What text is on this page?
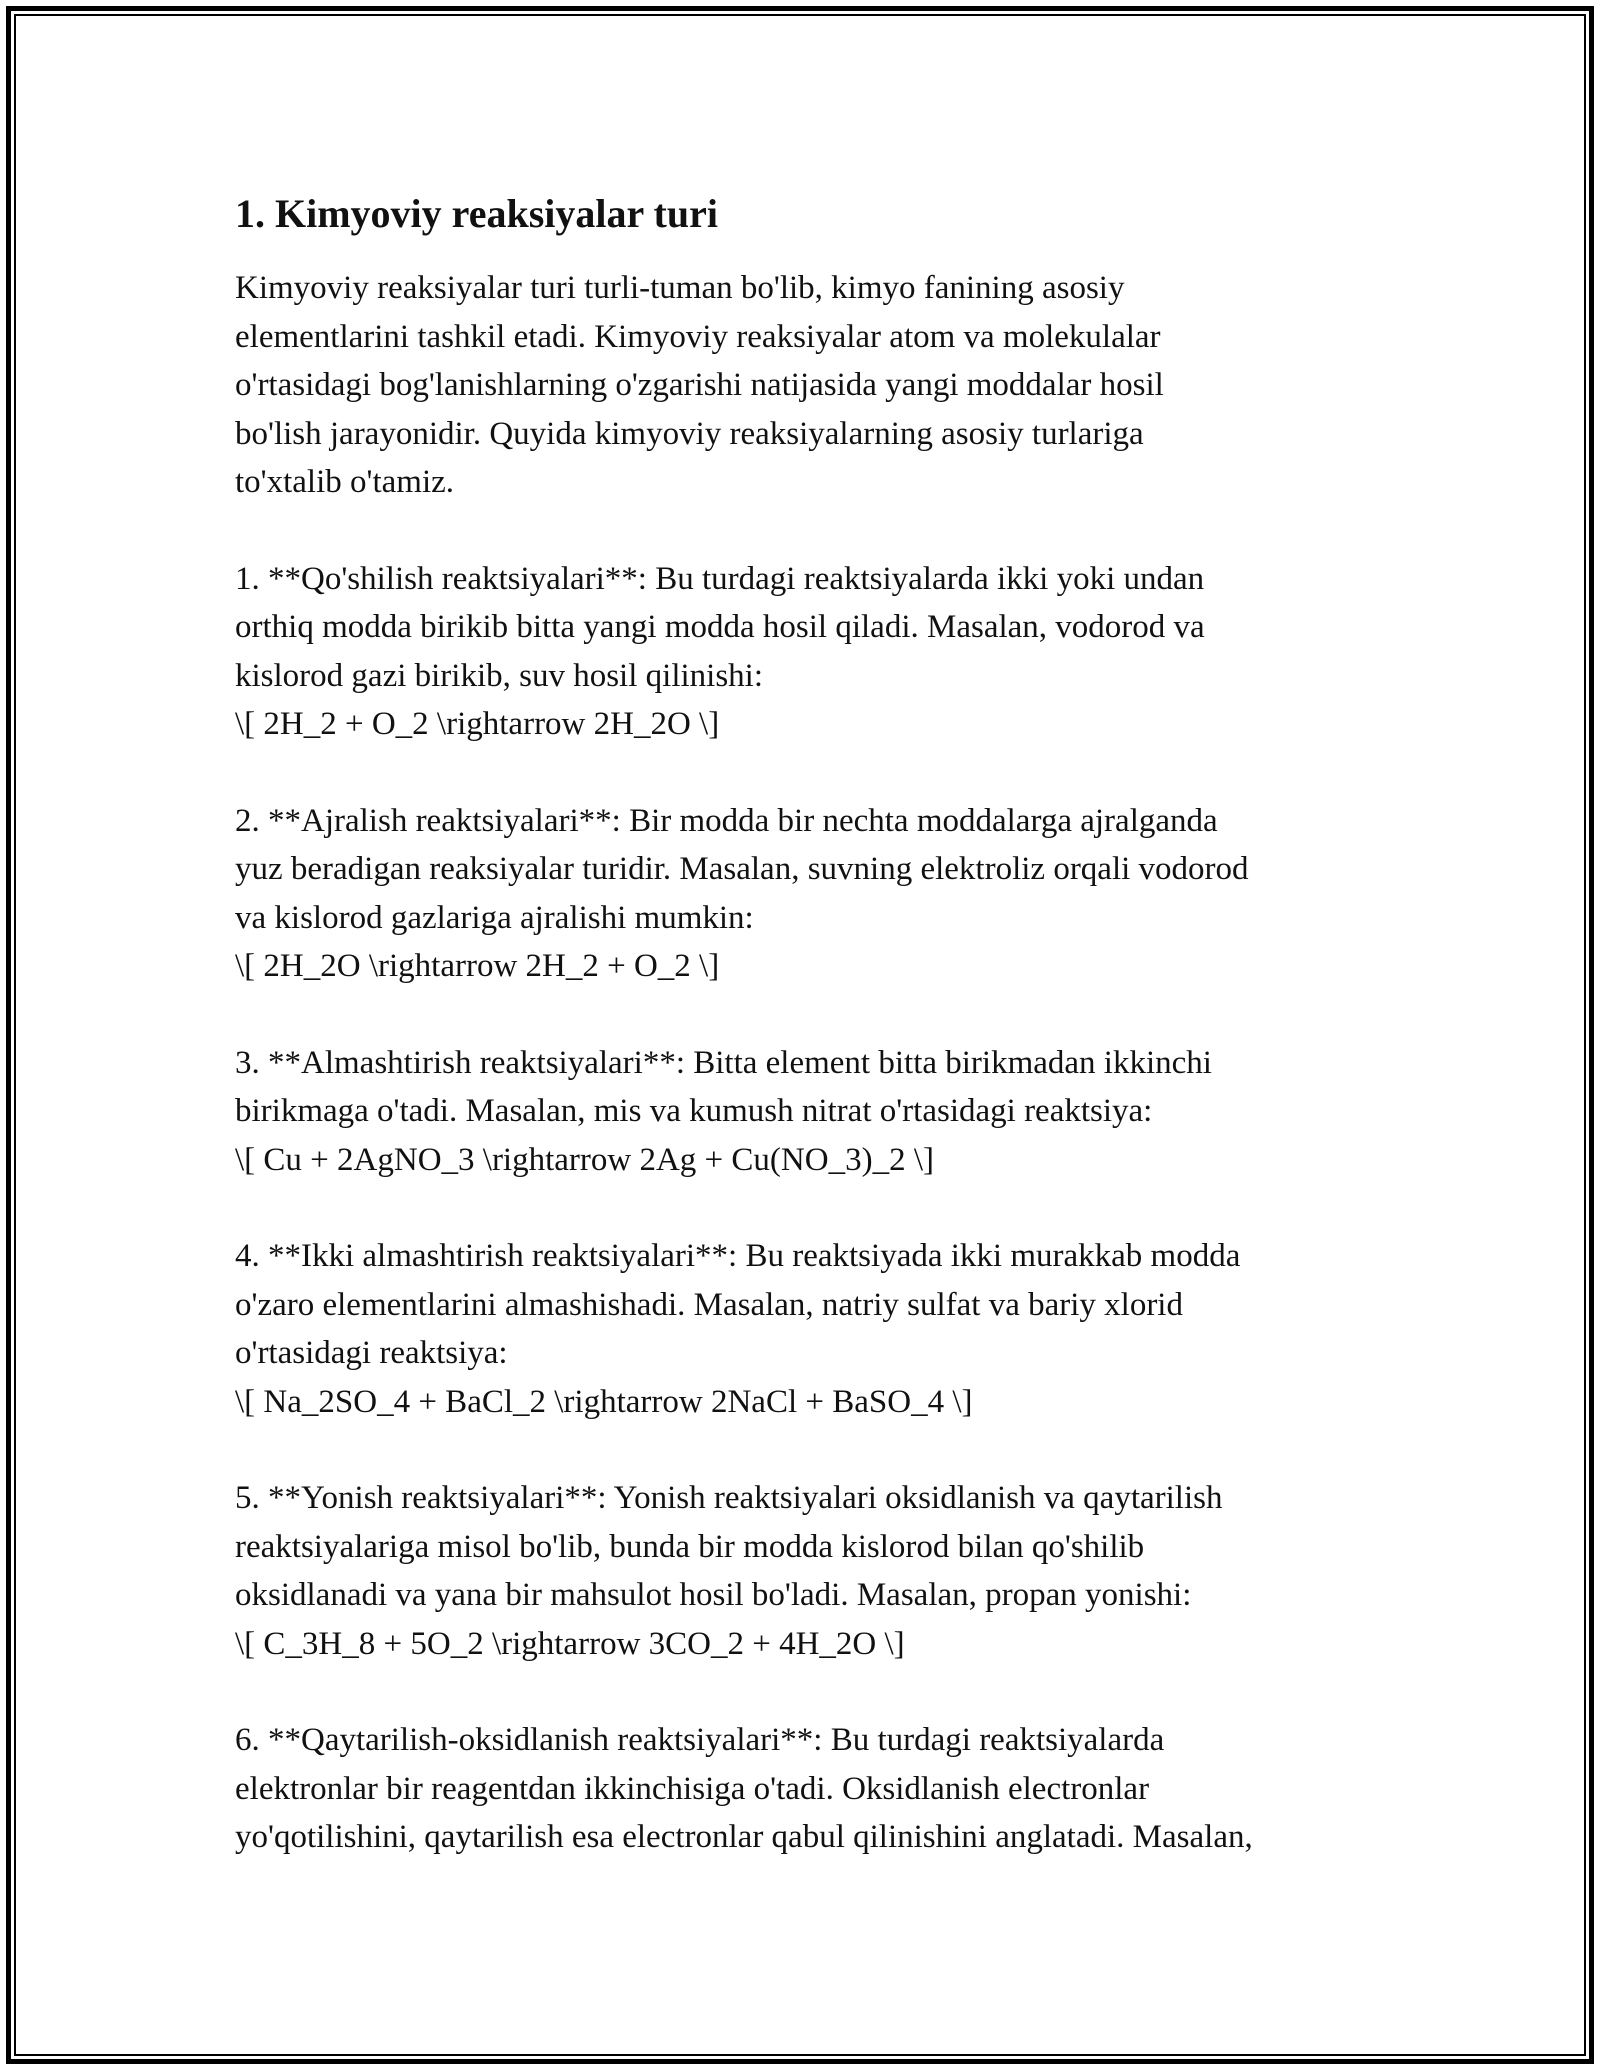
1. Kimyoviy reaksiyalar turi

Kimyoviy reaksiyalar turi turli-tuman bo'lib, kimyo fanining asosiy
elementlarini tashkil etadi. Kimyoviy reaksiyalar atom va molekulalar
o'rtasidagi bog'lanishlarning o'zgarishi natijasida yangi moddalar hosil
bo'lish jarayonidir. Quyida kimyoviy reaksiyalarning asosiy turlariga
to'xtalib o'tamiz.

1. **Qo'shilish reaktsiyalari**: Bu turdagi reaktsiyalarda ikki yoki undan
orthiq modda birikib bitta yangi modda hosil qiladi. Masalan, vodorod va
kislorod gazi birikib, suv hosil qilinishi:
\[ 2H_2 + O_2 \rightarrow 2H_2O \]

2. **Ajralish reaktsiyalari**: Bir modda bir nechta moddalarga ajralganda
yuz beradigan reaksiyalar turidir. Masalan, suvning elektroliz orqali vodorod
va kislorod gazlariga ajralishi mumkin:
\[ 2H_2O \rightarrow 2H_2 + O_2 \]

3. **Almashtirish reaktsiyalari**: Bitta element bitta birikmadan ikkinchi
birikmaga o'tadi. Masalan, mis va kumush nitrat o'rtasidagi reaktsiya:
\[ Cu + 2AgNO_3 \rightarrow 2Ag + Cu(NO_3)_2 \]

4. **Ikki almashtirish reaktsiyalari**: Bu reaktsiyada ikki murakkab modda
o'zaro elementlarini almashishadi. Masalan, natriy sulfat va bariy xlorid
o'rtasidagi reaktsiya:
\[ Na_2SO_4 + BaCl_2 \rightarrow 2NaCl + BaSO_4 \]

5. **Yonish reaktsiyalari**: Yonish reaktsiyalari oksidlanish va qaytarilish
reaktsiyalariga misol bo'lib, bunda bir modda kislorod bilan qo'shilib
oksidlanadi va yana bir mahsulot hosil bo'ladi. Masalan, propan yonishi:
\[ C_3H_8 + 5O_2 \rightarrow 3CO_2 + 4H_2O \]

6. **Qaytarilish-oksidlanish reaktsiyalari**: Bu turdagi reaktsiyalarda
elektronlar bir reagentdan ikkinchisiga o'tadi. Oksidlanish electronlar
yo'qotilishini, qaytarilish esa electronlar qabul qilinishini anglatadi. Masalan,
